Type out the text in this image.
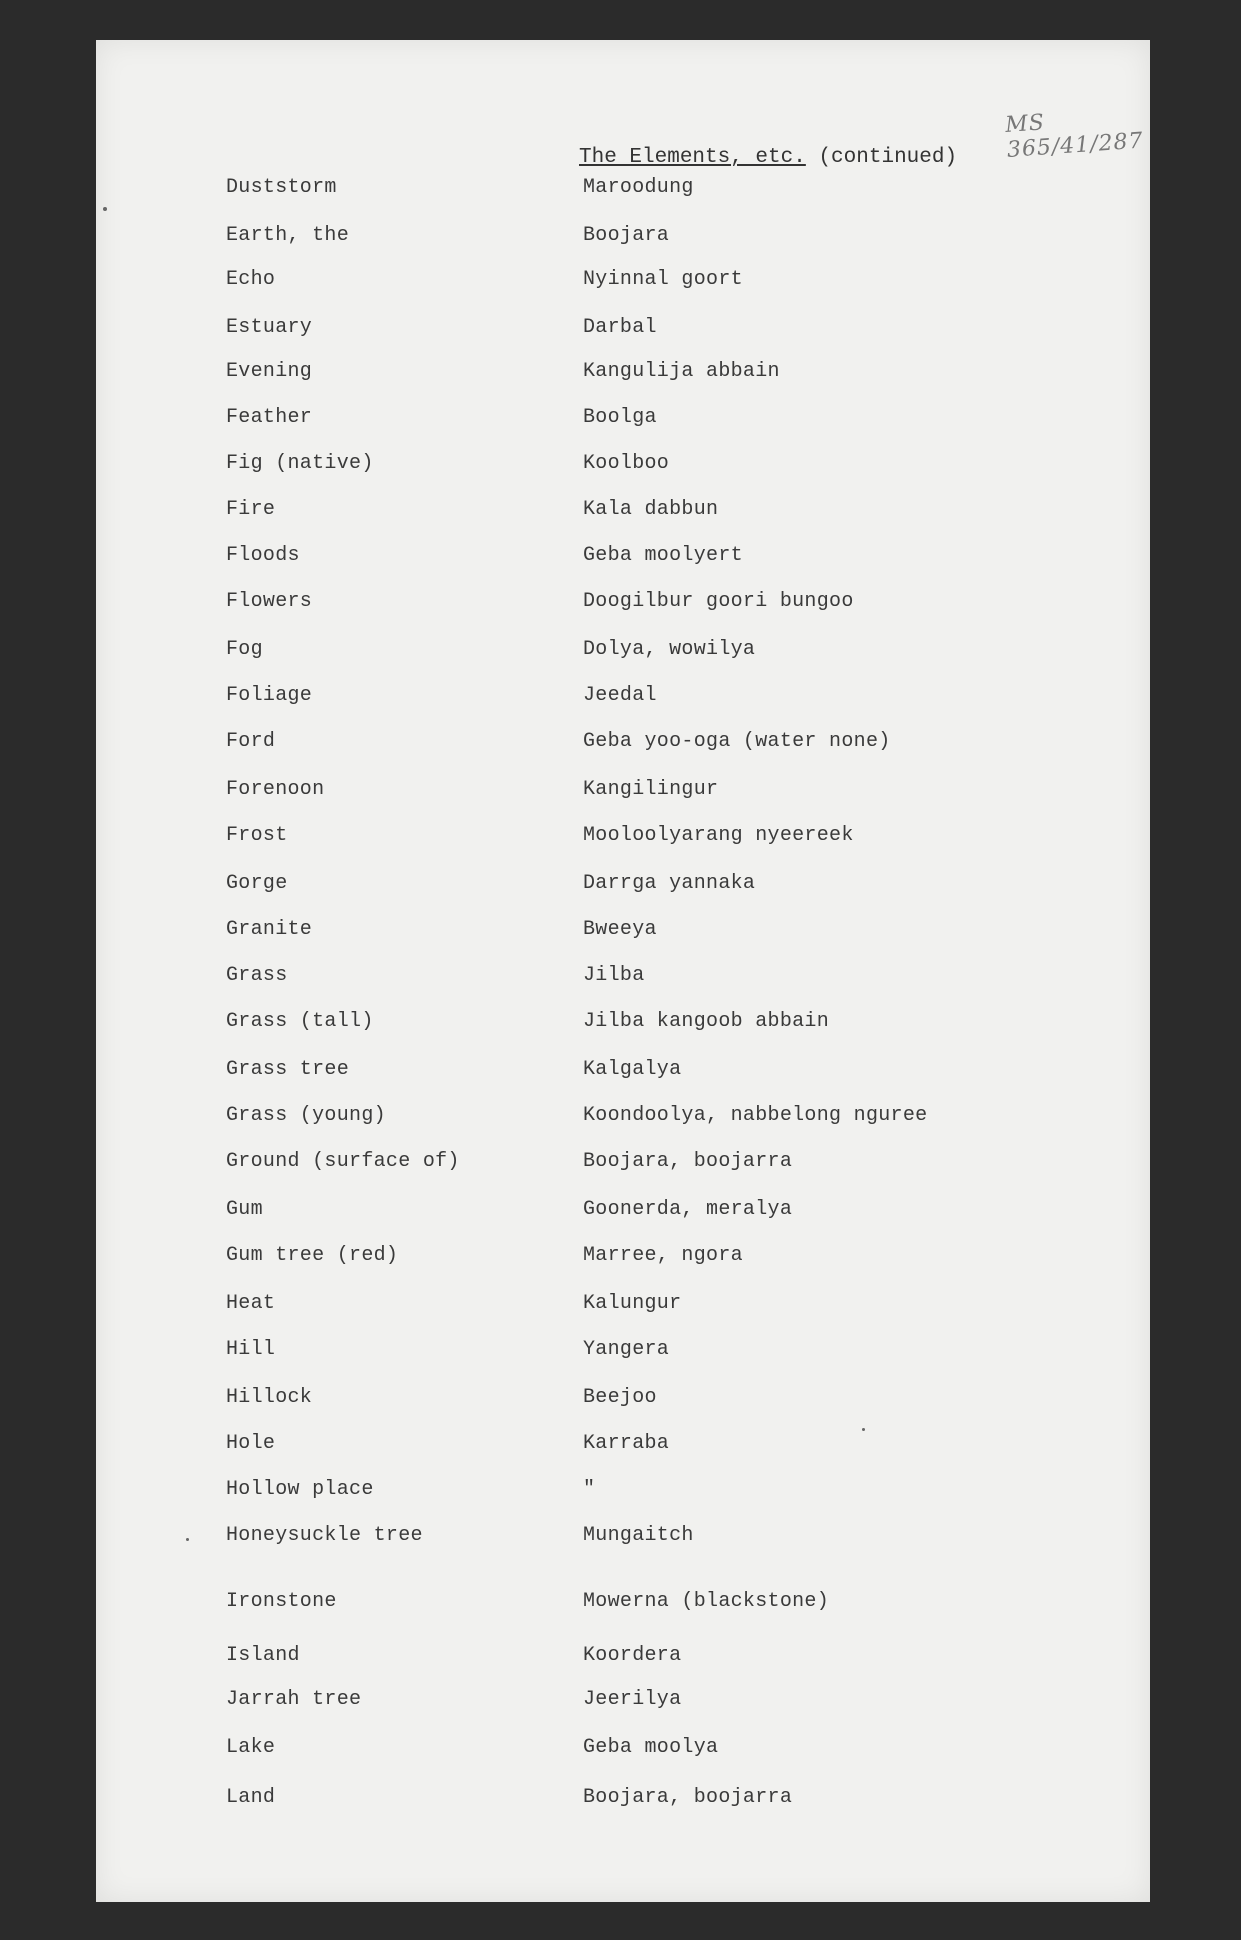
MS 365/41/287
The Elements, etc. (continued)
Duststorm	Maroodung
Earth, the	Boojara
Echo	Nyinnal goort
Estuary	Darbal
Evening	Kangulija abbain
Feather	Boolga
Fig (native)	Koolboo
Fire	Kala dabbun
Floods	Geba moolyert
Flowers	Doogilbur goori bungoo
Fog	Dolya, wowilya
Foliage	Jeedal
Ford	Geba yoo-oga (water none)
Forenoon	Kangilingur
Frost	Mooloolyarang nyeereek
Gorge	Darrga yannaka
Granite	Bweeya
Grass	Jilba
Grass (tall)	Jilba kangoob abbain
Grass tree	Kalgalya
Grass (young)	Koondoolya, nabbelong nguree
Ground (surface of)	Boojara, boojarra
Gum	Goonerda, meralya
Gum tree (red)	Marree, ngora
Heat	Kalungur
Hill	Yangera
Hillock	Beejoo
Hole	Karraba
Hollow place	"
Honeysuckle tree	Mungaitch
Ironstone	Mowerna (blackstone)
Island	Koordera
Jarrah tree	Jeerilya
Lake	Geba moolya
Land	Boojara, boojarra
